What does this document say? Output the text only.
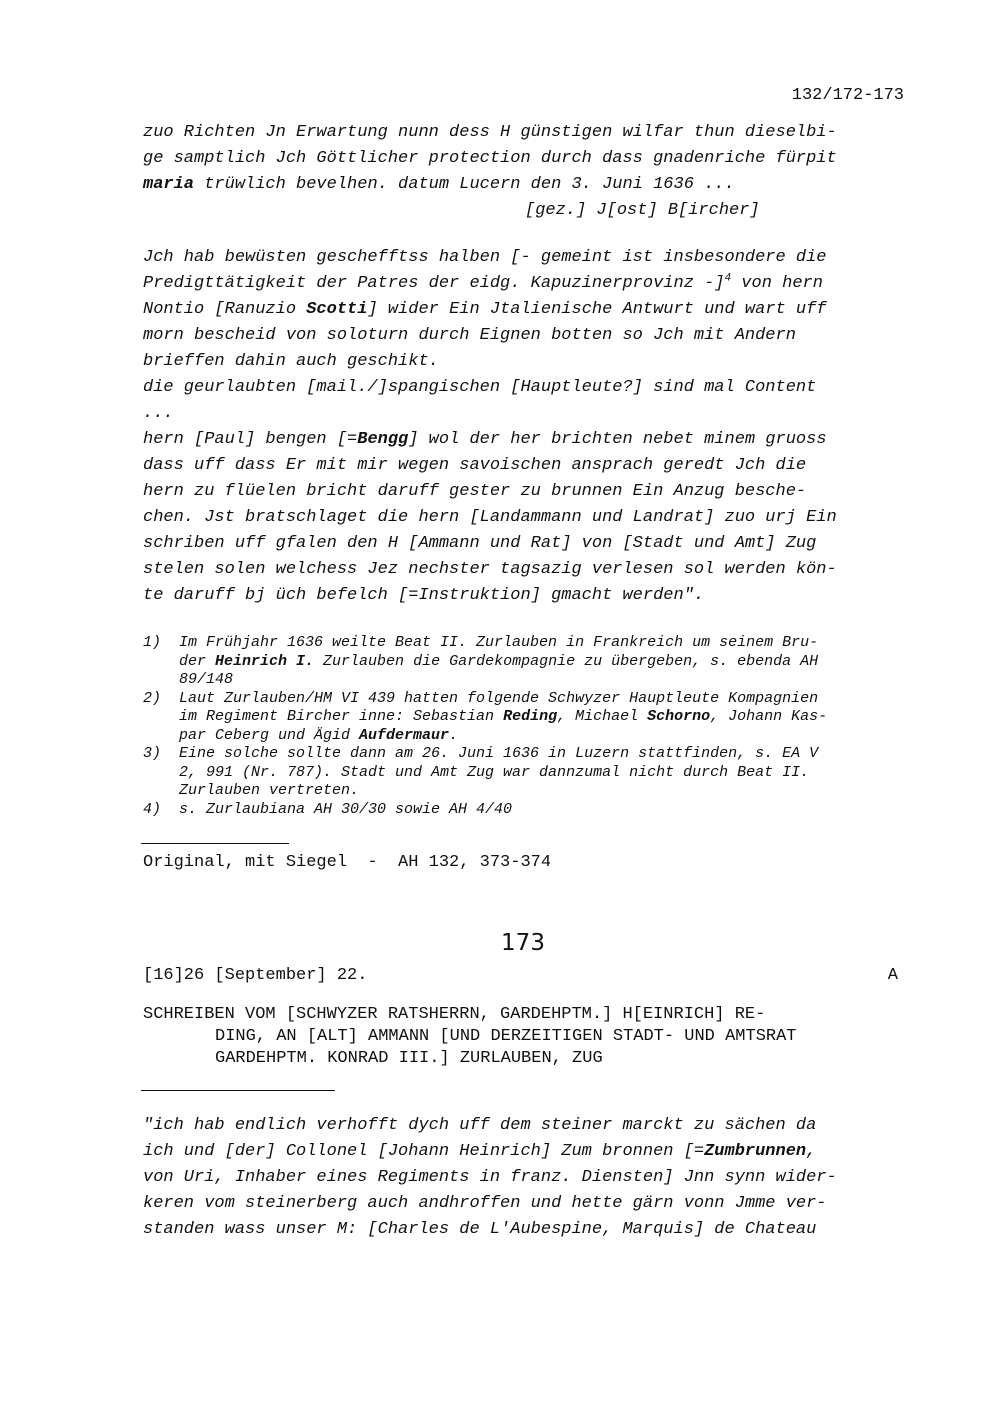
132/172-173
zuo Richten Jn Erwartung nunn dess H günstigen wilfar thun dieselbi-
ge samptlich Jch Göttlicher protection durch dass gnadenriche fürpit
maria trüwlich bevelhen. datum Lucern den 3. Juni 1636 ...
[gez.] J[ost] B[ircher]
Jch hab bewüsten geschefftss halben [- gemeint ist insbesondere die
Predigttätigkeit der Patres der eidg. Kapuzinerprovinz -]$^4$ von hern
Nontio [Ranuzio Scotti] wider Ein Jtalienische Antwurt und wart uff
morn bescheid von soloturn durch Eignen botten so Jch mit Andern
brieffen dahin auch geschikt.
die geurlaubten [mail./]spangischen [Hauptleute?] sind mal Content
...
hern [Paul] bengen [=Bengg] wol der her brichten nebet minem gruoss
dass uff dass Er mit mir wegen savoischen ansprach geredt Jch die
hern zu flüelen bricht daruff gester zu brunnen Ein Anzug besche-
chen. Jst bratschlaget die hern [Landammann und Landrat] zuo urj Ein
schriben uff gfalen den H [Ammann und Rat] von [Stadt und Amt] Zug
stelen solen welchess Jez nechster tagsazig verlesen sol werden kön-
te daruff bj üch befelch [=Instruktion] gmacht werden".
1)	Im Frühjahr 1636 weilte Beat II. Zurlauben in Frankreich um seinem Bru-
der Heinrich I. Zurlauben die Gardekompagnie zu übergeben, s. ebenda AH
89/148
2)	Laut Zurlauben/HM VI 439 hatten folgende Schwyzer Hauptleute Kompagnien
im Regiment Bircher inne: Sebastian Reding, Michael Schorno, Johann Kas-
par Ceberg und Ägid Aufdermaur.
3)	Eine solche sollte dann am 26. Juni 1636 in Luzern stattfinden, s. EA V
2, 991 (Nr. 787). Stadt und Amt Zug war dannzumal nicht durch Beat II.
Zurlauben vertreten.
4)	s. Zurlaubiana AH 30/30 sowie AH 4/40
Original, mit Siegel  -  AH 132, 373-374
173
[16]26 [September] 22.	A
SCHREIBEN VOM [SCHWYZER RATSHERRN, GARDEHPTM.] H[EINRICH] RE-
DING, AN [ALT] AMMANN [UND DERZEITIGEN STADT- UND AMTSRAT
GARDEHPTM. KONRAD III.] ZURLAUBEN, ZUG
"ich hab endlich verhofft dych uff dem steiner marckt zu sächen da
ich und [der] Collonel [Johann Heinrich] Zum bronnen [=Zumbrunnen,
von Uri, Inhaber eines Regiments in franz. Diensten] Jnn synn wider-
keren vom steinerberg auch andhroffen und hette gärn vonn Jmme ver-
standen wass unser M: [Charles de L'Aubespine, Marquis] de Chateau
